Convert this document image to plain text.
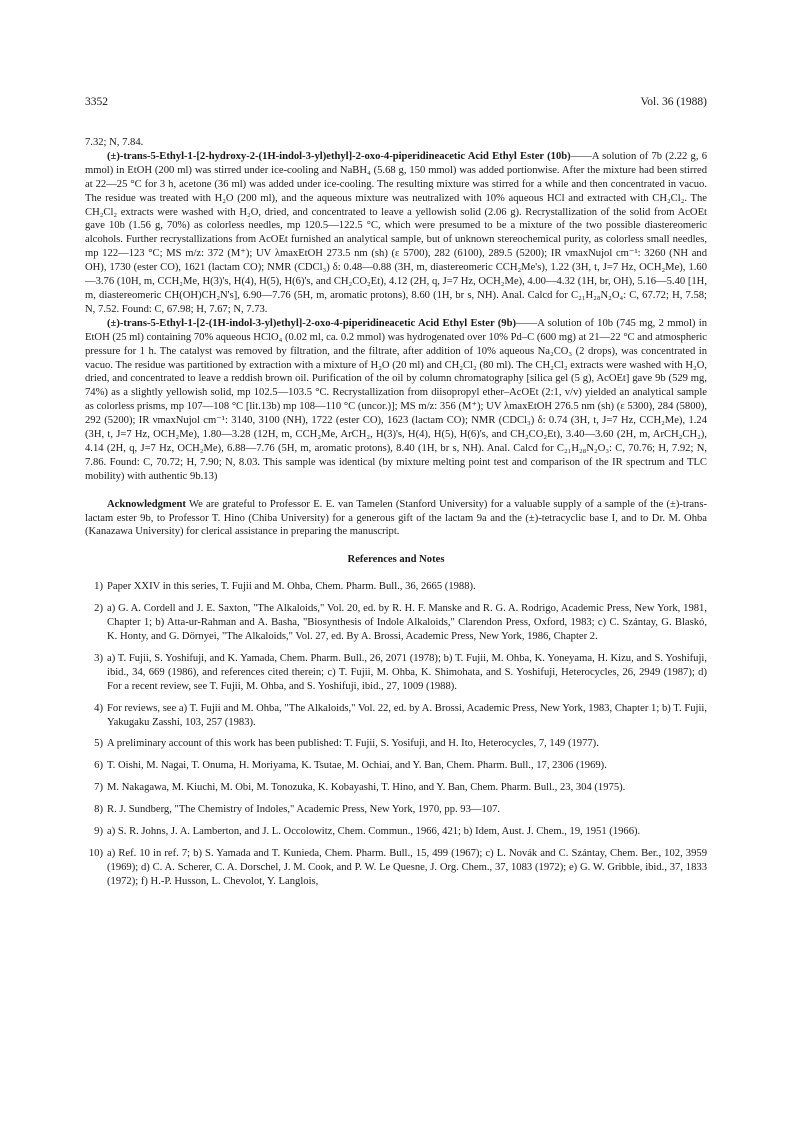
3352	Vol. 36 (1988)

7.32; N, 7.84.

(±)-trans-5-Ethyl-1-[2-hydroxy-2-(1H-indol-3-yl)ethyl]-2-oxo-4-piperidineacetic Acid Ethyl Ester (10b)——A solution of 7b (2.22 g, 6 mmol) in EtOH (200 ml) was stirred under ice-cooling and NaBH₄ (5.68 g, 150 mmol) was added portionwise. After the mixture had been stirred at 22—25 °C for 3 h, acetone (36 ml) was added under ice-cooling. The resulting mixture was stirred for a while and then concentrated in vacuo. The residue was treated with H₂O (200 ml), and the aqueous mixture was neutralized with 10% aqueous HCl and extracted with CH₂Cl₂. The CH₂Cl₂ extracts were washed with H₂O, dried, and concentrated to leave a yellowish solid (2.06 g). Recrystallization of the solid from AcOEt gave 10b (1.56 g, 70%) as colorless needles, mp 120.5—122.5 °C, which were presumed to be a mixture of the two possible diastereomeric alcohols. Further recrystallizations from AcOEt furnished an analytical sample, but of unknown stereochemical purity, as colorless small needles, mp 122—123 °C; MS m/z: 372 (M⁺); UV λmaxEtOH 273.5 nm (sh) (ε 5700), 282 (6100), 289.5 (5200); IR νmaxNujol cm⁻¹: 3260 (NH and OH), 1730 (ester CO), 1621 (lactam CO); NMR (CDCl₃) δ: 0.48—0.88 (3H, m, diastereomeric CCH₂Me's), 1.22 (3H, t, J=7 Hz, OCH₂Me), 1.60—3.76 (10H, m, CCH₂Me, H(3)'s, H(4), H(5), H(6)'s, and CH₂CO₂Et), 4.12 (2H, q, J=7 Hz, OCH₂Me), 4.00—4.32 (1H, br, OH), 5.16—5.40 [1H, m, diastereomeric CH(OH)CH₂N's], 6.90—7.76 (5H, m, aromatic protons), 8.60 (1H, br s, NH). Anal. Calcd for C₂₁H₂₈N₂O₄: C, 67.72; H, 7.58; N, 7.52. Found: C, 67.98; H, 7.67; N, 7.73.

(±)-trans-5-Ethyl-1-[2-(1H-indol-3-yl)ethyl]-2-oxo-4-piperidineacetic Acid Ethyl Ester (9b)——A solution of 10b (745 mg, 2 mmol) in EtOH (25 ml) containing 70% aqueous HClO₄ (0.02 ml, ca. 0.2 mmol) was hydrogenated over 10% Pd–C (600 mg) at 21—22 °C and atmospheric pressure for 1 h. The catalyst was removed by filtration, and the filtrate, after addition of 10% aqueous Na₂CO₃ (2 drops), was concentrated in vacuo. The residue was partitioned by extraction with a mixture of H₂O (20 ml) and CH₂Cl₂ (80 ml). The CH₂Cl₂ extracts were washed with H₂O, dried, and concentrated to leave a reddish brown oil. Purification of the oil by column chromatography [silica gel (5 g), AcOEt] gave 9b (529 mg, 74%) as a slightly yellowish solid, mp 102.5—103.5 °C. Recrystallization from diisopropyl ether–AcOEt (2:1, v/v) yielded an analytical sample as colorless prisms, mp 107—108 °C [lit.13b) mp 108—110 °C (uncor.)]; MS m/z: 356 (M⁺); UV λmaxEtOH 276.5 nm (sh) (ε 5300), 284 (5800), 292 (5200); IR νmaxNujol cm⁻¹: 3140, 3100 (NH), 1722 (ester CO), 1623 (lactam CO); NMR (CDCl₃) δ: 0.74 (3H, t, J=7 Hz, CCH₂Me), 1.24 (3H, t, J=7 Hz, OCH₂Me), 1.80—3.28 (12H, m, CCH₂Me, ArCH₂, H(3)'s, H(4), H(5), H(6)'s, and CH₂CO₂Et), 3.40—3.60 (2H, m, ArCH₂CH₂), 4.14 (2H, q, J=7 Hz, OCH₂Me), 6.88—7.76 (5H, m, aromatic protons), 8.40 (1H, br s, NH). Anal. Calcd for C₂₁H₂₈N₂O₃: C, 70.76; H, 7.92; N, 7.86. Found: C, 70.72; H, 7.90; N, 8.03. This sample was identical (by mixture melting point test and comparison of the IR spectrum and TLC mobility) with authentic 9b.13)

Acknowledgment We are grateful to Professor E. E. van Tamelen (Stanford University) for a valuable supply of a sample of the (±)-trans-lactam ester 9b, to Professor T. Hino (Chiba University) for a generous gift of the lactam 9a and the (±)-tetracyclic base I, and to Dr. M. Ohba (Kanazawa University) for clerical assistance in preparing the manuscript.

References and Notes

1) Paper XXIV in this series, T. Fujii and M. Ohba, Chem. Pharm. Bull., 36, 2665 (1988).
2) a) G. A. Cordell and J. E. Saxton, "The Alkaloids," Vol. 20, ed. by R. H. F. Manske and R. G. A. Rodrigo, Academic Press, New York, 1981, Chapter 1; b) Atta-ur-Rahman and A. Basha, "Biosynthesis of Indole Alkaloids," Clarendon Press, Oxford, 1983; c) C. Szántay, G. Blaskó, K. Honty, and G. Dörnyei, "The Alkaloids," Vol. 27, ed. By A. Brossi, Academic Press, New York, 1986, Chapter 2.
3) a) T. Fujii, S. Yoshifuji, and K. Yamada, Chem. Pharm. Bull., 26, 2071 (1978); b) T. Fujii, M. Ohba, K. Yoneyama, H. Kizu, and S. Yoshifuji, ibid., 34, 669 (1986), and references cited therein; c) T. Fujii, M. Ohba, K. Shimohata, and S. Yoshifuji, Heterocycles, 26, 2949 (1987); d) For a recent review, see T. Fujii, M. Ohba, and S. Yoshifuji, ibid., 27, 1009 (1988).
4) For reviews, see a) T. Fujii and M. Ohba, "The Alkaloids," Vol. 22, ed. by A. Brossi, Academic Press, New York, 1983, Chapter 1; b) T. Fujii, Yakugaku Zasshi, 103, 257 (1983).
5) A preliminary account of this work has been published: T. Fujii, S. Yosifuji, and H. Ito, Heterocycles, 7, 149 (1977).
6) T. Oishi, M. Nagai, T. Onuma, H. Moriyama, K. Tsutae, M. Ochiai, and Y. Ban, Chem. Pharm. Bull., 17, 2306 (1969).
7) M. Nakagawa, M. Kiuchi, M. Obi, M. Tonozuka, K. Kobayashi, T. Hino, and Y. Ban, Chem. Pharm. Bull., 23, 304 (1975).
8) R. J. Sundberg, "The Chemistry of Indoles," Academic Press, New York, 1970, pp. 93—107.
9) a) S. R. Johns, J. A. Lamberton, and J. L. Occolowitz, Chem. Commun., 1966, 421; b) Idem, Aust. J. Chem., 19, 1951 (1966).
10) a) Ref. 10 in ref. 7; b) S. Yamada and T. Kunieda, Chem. Pharm. Bull., 15, 499 (1967); c) L. Novák and C. Szántay, Chem. Ber., 102, 3959 (1969); d) C. A. Scherer, C. A. Dorschel, J. M. Cook, and P. W. Le Quesne, J. Org. Chem., 37, 1083 (1972); e) G. W. Gribble, ibid., 37, 1833 (1972); f) H.-P. Husson, L. Chevolot, Y. Langlois,
